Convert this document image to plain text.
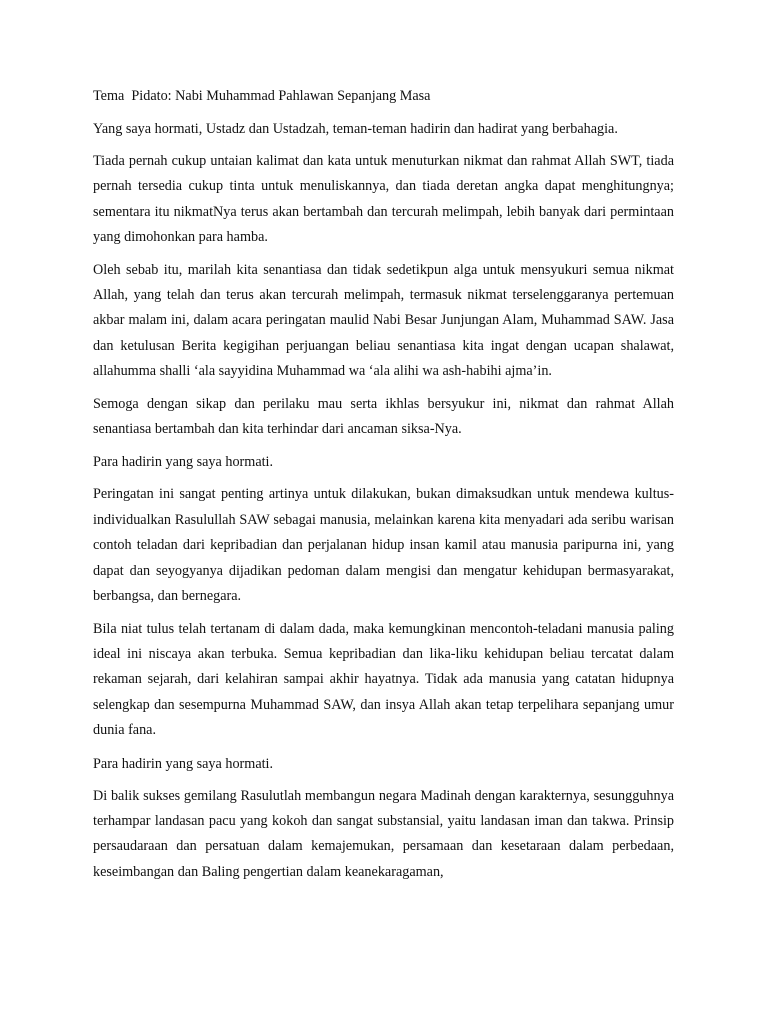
Tema  Pidato: Nabi Muhammad Pahlawan Sepanjang Masa

Yang saya hormati, Ustadz dan Ustadzah, teman-teman hadirin dan hadirat yang berbahagia.

Tiada pernah cukup untaian kalimat dan kata untuk menuturkan nikmat dan rahmat Allah SWT, tiada pernah tersedia cukup tinta untuk menuliskannya, dan tiada deretan angka dapat menghitungnya; sementara itu nikmatNya terus akan bertambah dan tercurah melimpah, lebih banyak dari permintaan yang dimohonkan para hamba.

Oleh sebab itu, marilah kita senantiasa dan tidak sedetikpun alga untuk mensyukuri semua nikmat Allah, yang telah dan terus akan tercurah melimpah, termasuk nikmat terselenggaranya pertemuan akbar malam ini, dalam acara peringatan maulid Nabi Besar Junjungan Alam, Muhammad SAW. Jasa dan ketulusan Berita kegigihan perjuangan beliau senantiasa kita ingat dengan ucapan shalawat, allahumma shalli ‘ala sayyidina Muhammad wa ‘ala alihi wa ash-habihi ajma’in.

Semoga dengan sikap dan perilaku mau serta ikhlas bersyukur ini, nikmat dan rahmat Allah senantiasa bertambah dan kita terhindar dari ancaman siksa-Nya.

Para hadirin yang saya hormati.

Peringatan ini sangat penting artinya untuk dilakukan, bukan dimaksudkan untuk mendewa kultus-individualkan Rasulullah SAW sebagai manusia, melainkan karena kita menyadari ada seribu warisan contoh teladan dari kepribadian dan perjalanan hidup insan kamil atau manusia paripurna ini, yang dapat dan seyogyanya dijadikan pedoman dalam mengisi dan mengatur kehidupan bermasyarakat, berbangsa, dan bernegara.

Bila niat tulus telah tertanam di dalam dada, maka kemungkinan mencontoh-teladani manusia paling ideal ini niscaya akan terbuka. Semua kepribadian dan lika-liku kehidupan beliau tercatat dalam rekaman sejarah, dari kelahiran sampai akhir hayatnya. Tidak ada manusia yang catatan hidupnya selengkap dan sesempurna Muhammad SAW, dan insya Allah akan tetap terpelihara sepanjang umur dunia fana.

Para hadirin yang saya hormati.

Di balik sukses gemilang Rasulutlah membangun negara Madinah dengan karakternya, sesungguhnya terhampar landasan pacu yang kokoh dan sangat substansial, yaitu landasan iman dan takwa. Prinsip persaudaraan dan persatuan dalam kemajemukan, persamaan dan kesetaraan dalam perbedaan, keseimbangan dan Baling pengertian dalam keanekaragaman,
